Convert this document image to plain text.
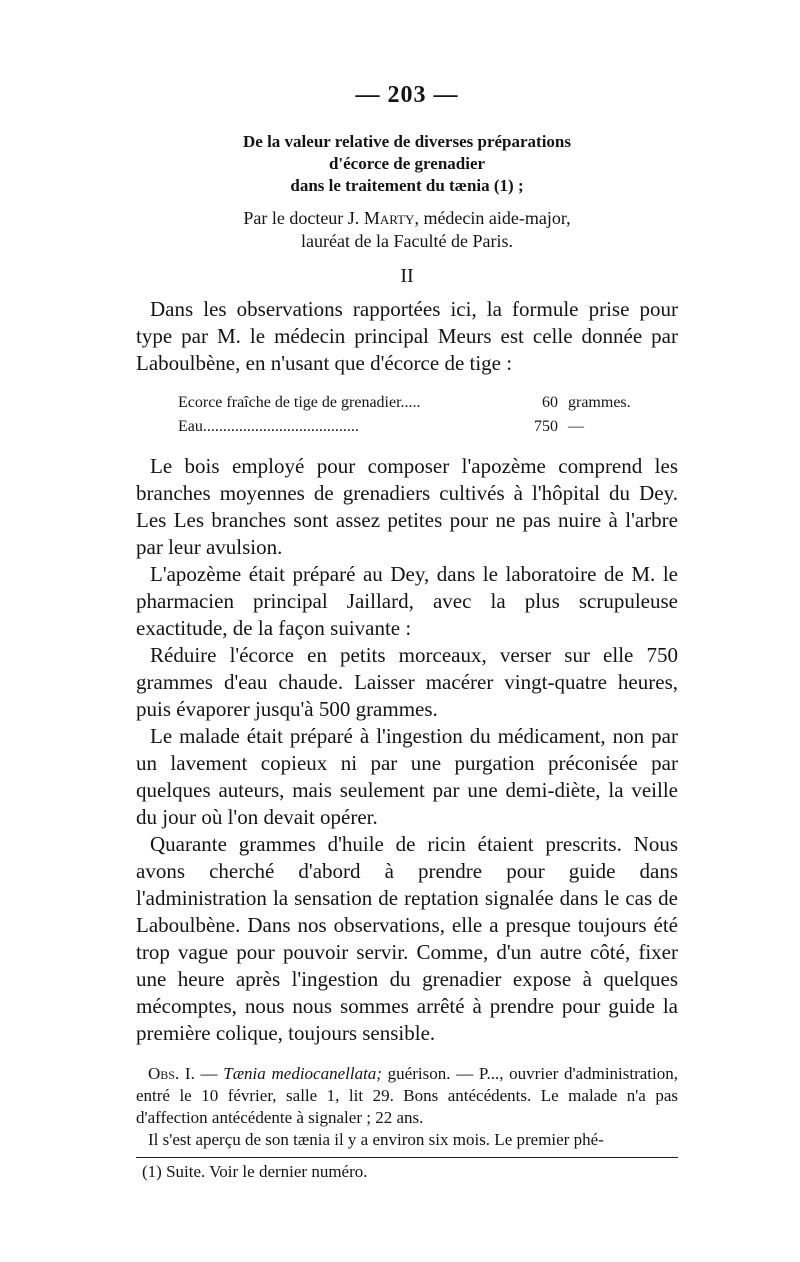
— 203 —
De la valeur relative de diverses préparations
d'écorce de grenadier
dans le traitement du tænia (1) ;
Par le docteur J. Marty, médecin aide-major,
lauréat de la Faculté de Paris.
II

Dans les observations rapportées ici, la formule prise pour type par M. le médecin principal Meurs est celle donnée par Laboulbène, en n'usant que d'écorce de tige :

Ecorce fraîche de tige de grenadier.....	60	grammes.
Eau.......................................	750	—

Le bois employé pour composer l'apozème comprend les branches moyennes de grenadiers cultivés à l'hôpital du Dey. Les Les branches sont assez petites pour ne pas nuire à l'arbre par leur avulsion.

L'apozème était préparé au Dey, dans le laboratoire de M. le pharmacien principal Jaillard, avec la plus scrupuleuse exactitude, de la façon suivante :

Réduire l'écorce en petits morceaux, verser sur elle 750 grammes d'eau chaude. Laisser macérer vingt-quatre heures, puis évaporer jusqu'à 500 grammes.

Le malade était préparé à l'ingestion du médicament, non par un lavement copieux ni par une purgation préconisée par quelques auteurs, mais seulement par une demi-diète, la veille du jour où l'on devait opérer.

Quarante grammes d'huile de ricin étaient prescrits. Nous avons cherché d'abord à prendre pour guide dans l'administration la sensation de reptation signalée dans le cas de Laboulbène. Dans nos observations, elle a presque toujours été trop vague pour pouvoir servir. Comme, d'un autre côté, fixer une heure après l'ingestion du grenadier expose à quelques mécomptes, nous nous sommes arrêté à prendre pour guide la première colique, toujours sensible.

Obs. I. — Tænia mediocanellata; guérison. — P..., ouvrier d'administration, entré le 10 février, salle 1, lit 29. Bons antécédents. Le malade n'a pas d'affection antécédente à signaler ; 22 ans.

Il s'est aperçu de son tænia il y a environ six mois. Le premier phé-

(1) Suite. Voir le dernier numéro.
